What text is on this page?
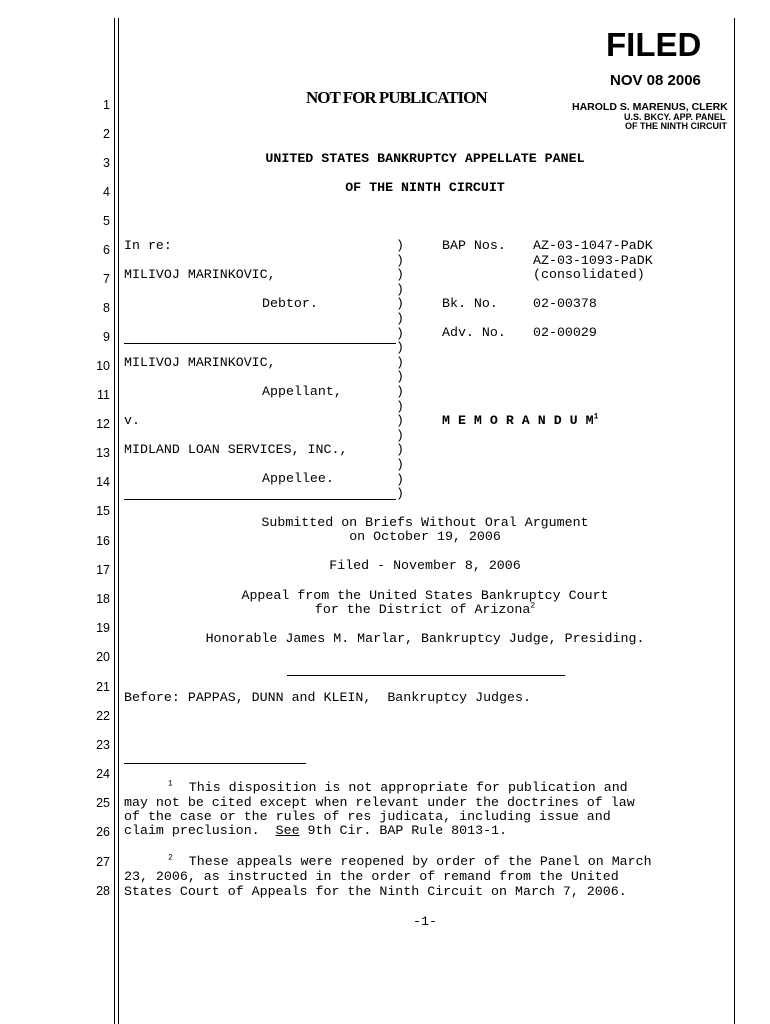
1
2
3
4
5
6
7
8
9
10
11
12
13
14
15
16
17
18
19
20
21
22
23
24
25
26
27
28
FILED
NOV 08 2006
HAROLD S. MARENUS, CLERK
U.S. BKCY. APP. PANEL
OF THE NINTH CIRCUIT
NOT FOR PUBLICATION
UNITED STATES BANKRUPTCY APPELLATE PANEL
OF THE NINTH CIRCUIT
In re:
MILIVOJ MARINKOVIC,
Debtor.
MILIVOJ MARINKOVIC,
Appellant,
v.
MIDLAND LOAN SERVICES, INC.,
Appellee.
)
)
)
)
)
)
)
)
)
)
)
)
)
)
)
)
)
)
BAP Nos. AZ-03-1047-PaDK
AZ-03-1093-PaDK
(consolidated)
Bk. No.	02-00378
Adv. No. 02-00029
M E M O R A N D U $M^1$
Submitted on Briefs Without Oral Argument
on October 19, 2006
Filed - November 8, 2006
Appeal from the United States Bankruptcy Court
for the District of Arizona$^2$
Honorable James M. Marlar, Bankruptcy Judge, Presiding.
Before: PAPPAS, DUNN and KLEIN,  Bankruptcy Judges.
$^1$ This disposition is not appropriate for publication and
may not be cited except when relevant under the doctrines of law
of the case or the rules of res judicata, including issue and
claim preclusion.  See 9th Cir. BAP Rule 8013-1.
$^2$ These appeals were reopened by order of the Panel on March
23, 2006, as instructed in the order of remand from the United
States Court of Appeals for the Ninth Circuit on March 7, 2006.
-1-
